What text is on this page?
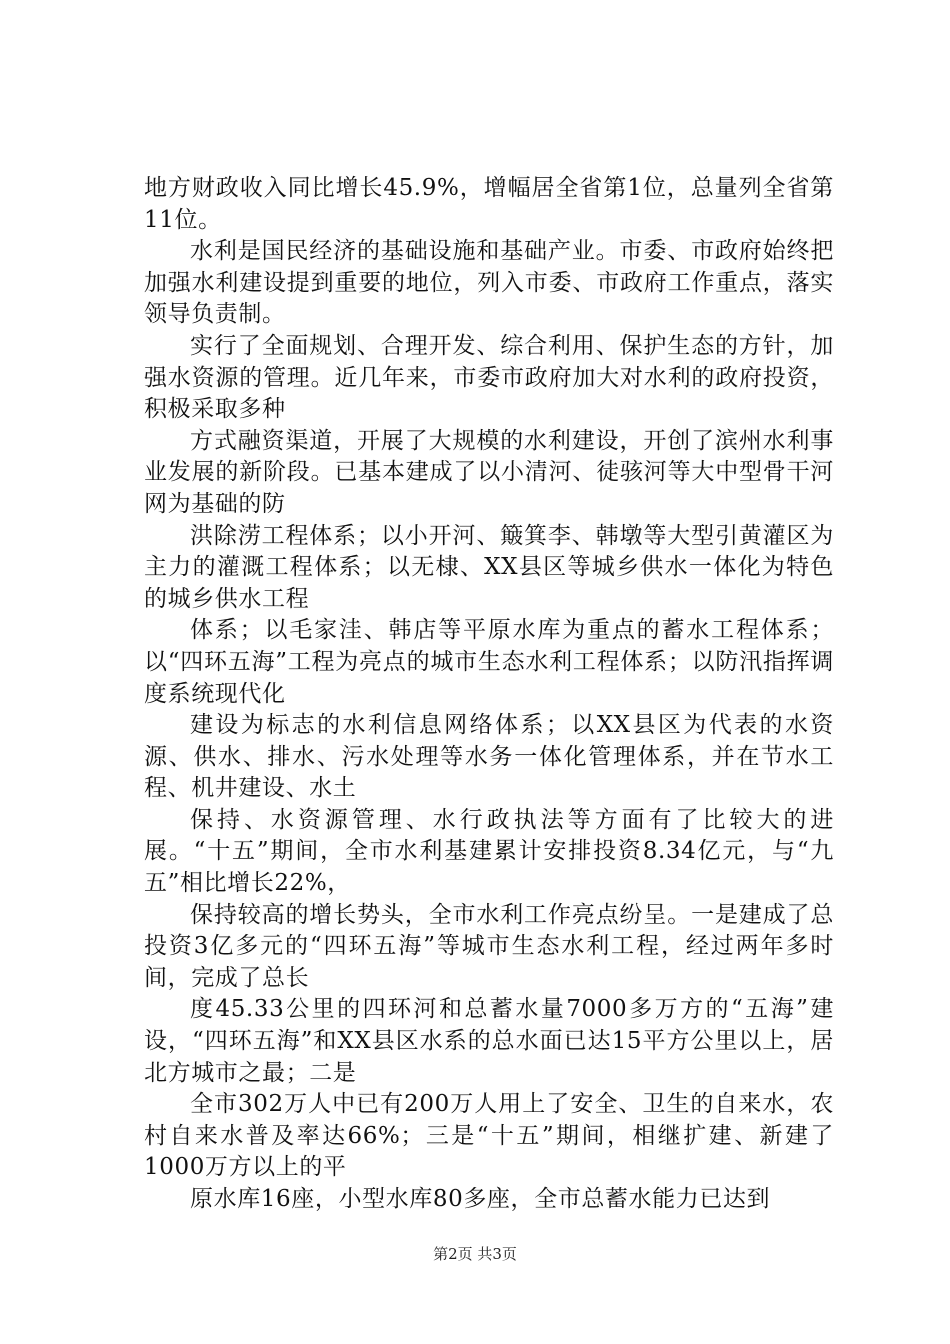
地方财政收入同比增长45.9%，增幅居全省第1位，总量列全省第11位。

水利是国民经济的基础设施和基础产业。市委、市政府始终把加强水利建设提到重要的地位，列入市委、市政府工作重点，落实领导负责制。

实行了全面规划、合理开发、综合利用、保护生态的方针，加强水资源的管理。近几年来，市委市政府加大对水利的政府投资，积极采取多种

方式融资渠道，开展了大规模的水利建设，开创了滨州水利事业发展的新阶段。已基本建成了以小清河、徒骇河等大中型骨干河网为基础的防

洪除涝工程体系；以小开河、簸箕李、韩墩等大型引黄灌区为主力的灌溉工程体系；以无棣、XX县区等城乡供水一体化为特色的城乡供水工程

体系；以毛家洼、韩店等平原水库为重点的蓄水工程体系；以“四环五海”工程为亮点的城市生态水利工程体系；以防汛指挥调度系统现代化

建设为标志的水利信息网络体系；以XX县区为代表的水资源、供水、排水、污水处理等水务一体化管理体系，并在节水工程、机井建设、水土

保持、水资源管理、水行政执法等方面有了比较大的进展。“十五”期间，全市水利基建累计安排投资8.34亿元，与“九五”相比增长22%，

保持较高的增长势头，全市水利工作亮点纷呈。一是建成了总投资3亿多元的“四环五海”等城市生态水利工程，经过两年多时间，完成了总长

度45.33公里的四环河和总蓄水量7000多万方的“五海”建设，“四环五海”和XX县区水系的总水面已达15平方公里以上，居北方城市之最；二是

全市302万人中已有200万人用上了安全、卫生的自来水，农村自来水普及率达66%；三是“十五”期间，相继扩建、新建了1000万方以上的平

原水库16座，小型水库80多座，全市总蓄水能力已达到

第2页 共3页
